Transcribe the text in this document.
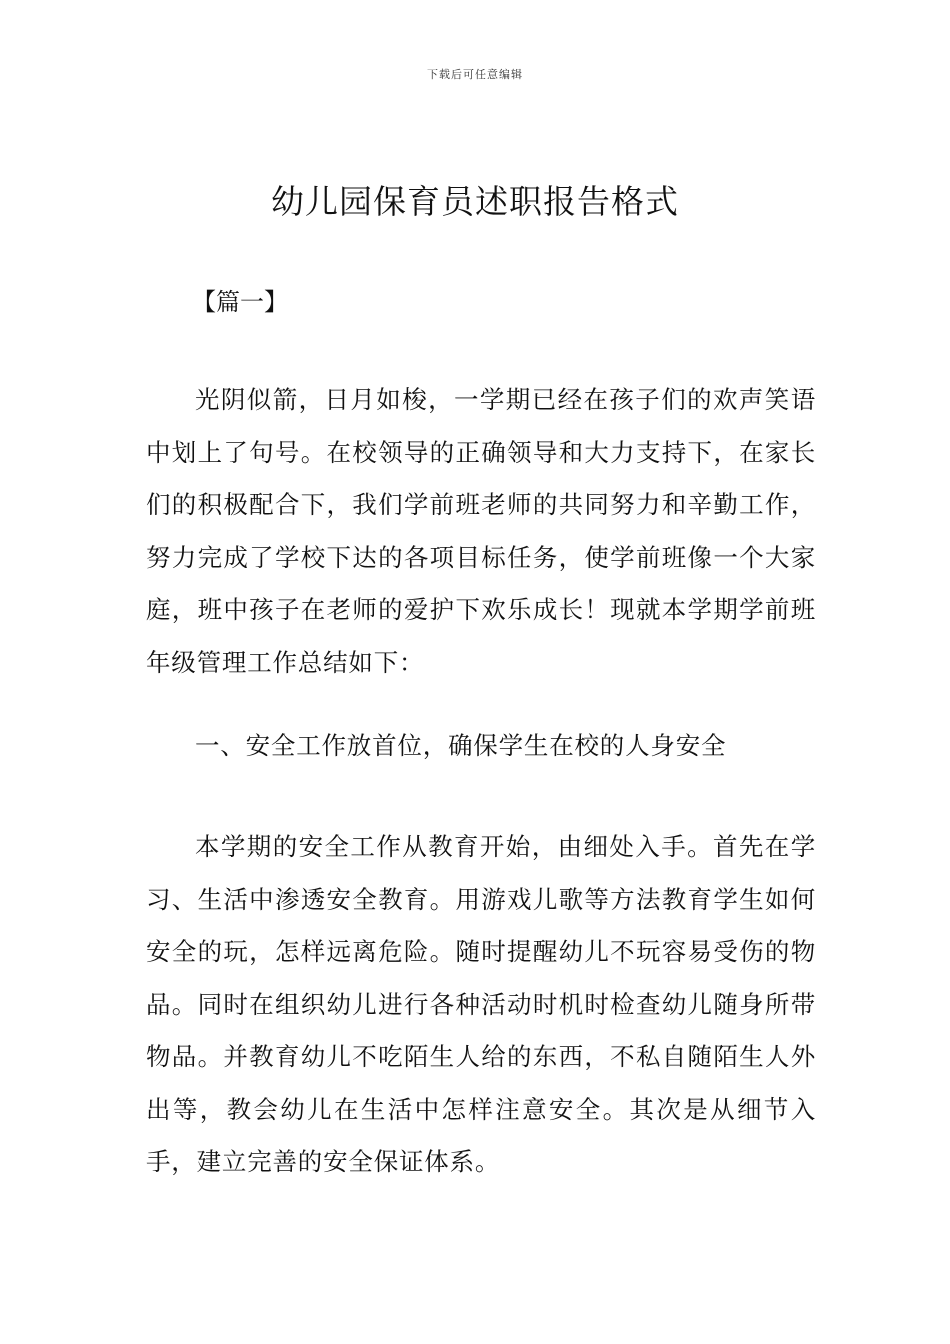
下载后可任意编辑
幼儿园保育员述职报告格式
【篇一】

光阴似箭，日月如梭，一学期已经在孩子们的欢声笑语中划上了句号。在校领导的正确领导和大力支持下，在家长们的积极配合下，我们学前班老师的共同努力和辛勤工作，努力完成了学校下达的各项目标任务，使学前班像一个大家庭，班中孩子在老师的爱护下欢乐成长！现就本学期学前班年级管理工作总结如下：

一、安全工作放首位，确保学生在校的人身安全

本学期的安全工作从教育开始，由细处入手。首先在学习、生活中渗透安全教育。用游戏儿歌等方法教育学生如何安全的玩，怎样远离危险。随时提醒幼儿不玩容易受伤的物品。同时在组织幼儿进行各种活动时机时检查幼儿随身所带物品。并教育幼儿不吃陌生人给的东西，不私自随陌生人外出等，教会幼儿在生活中怎样注意安全。其次是从细节入手，建立完善的安全保证体系。
